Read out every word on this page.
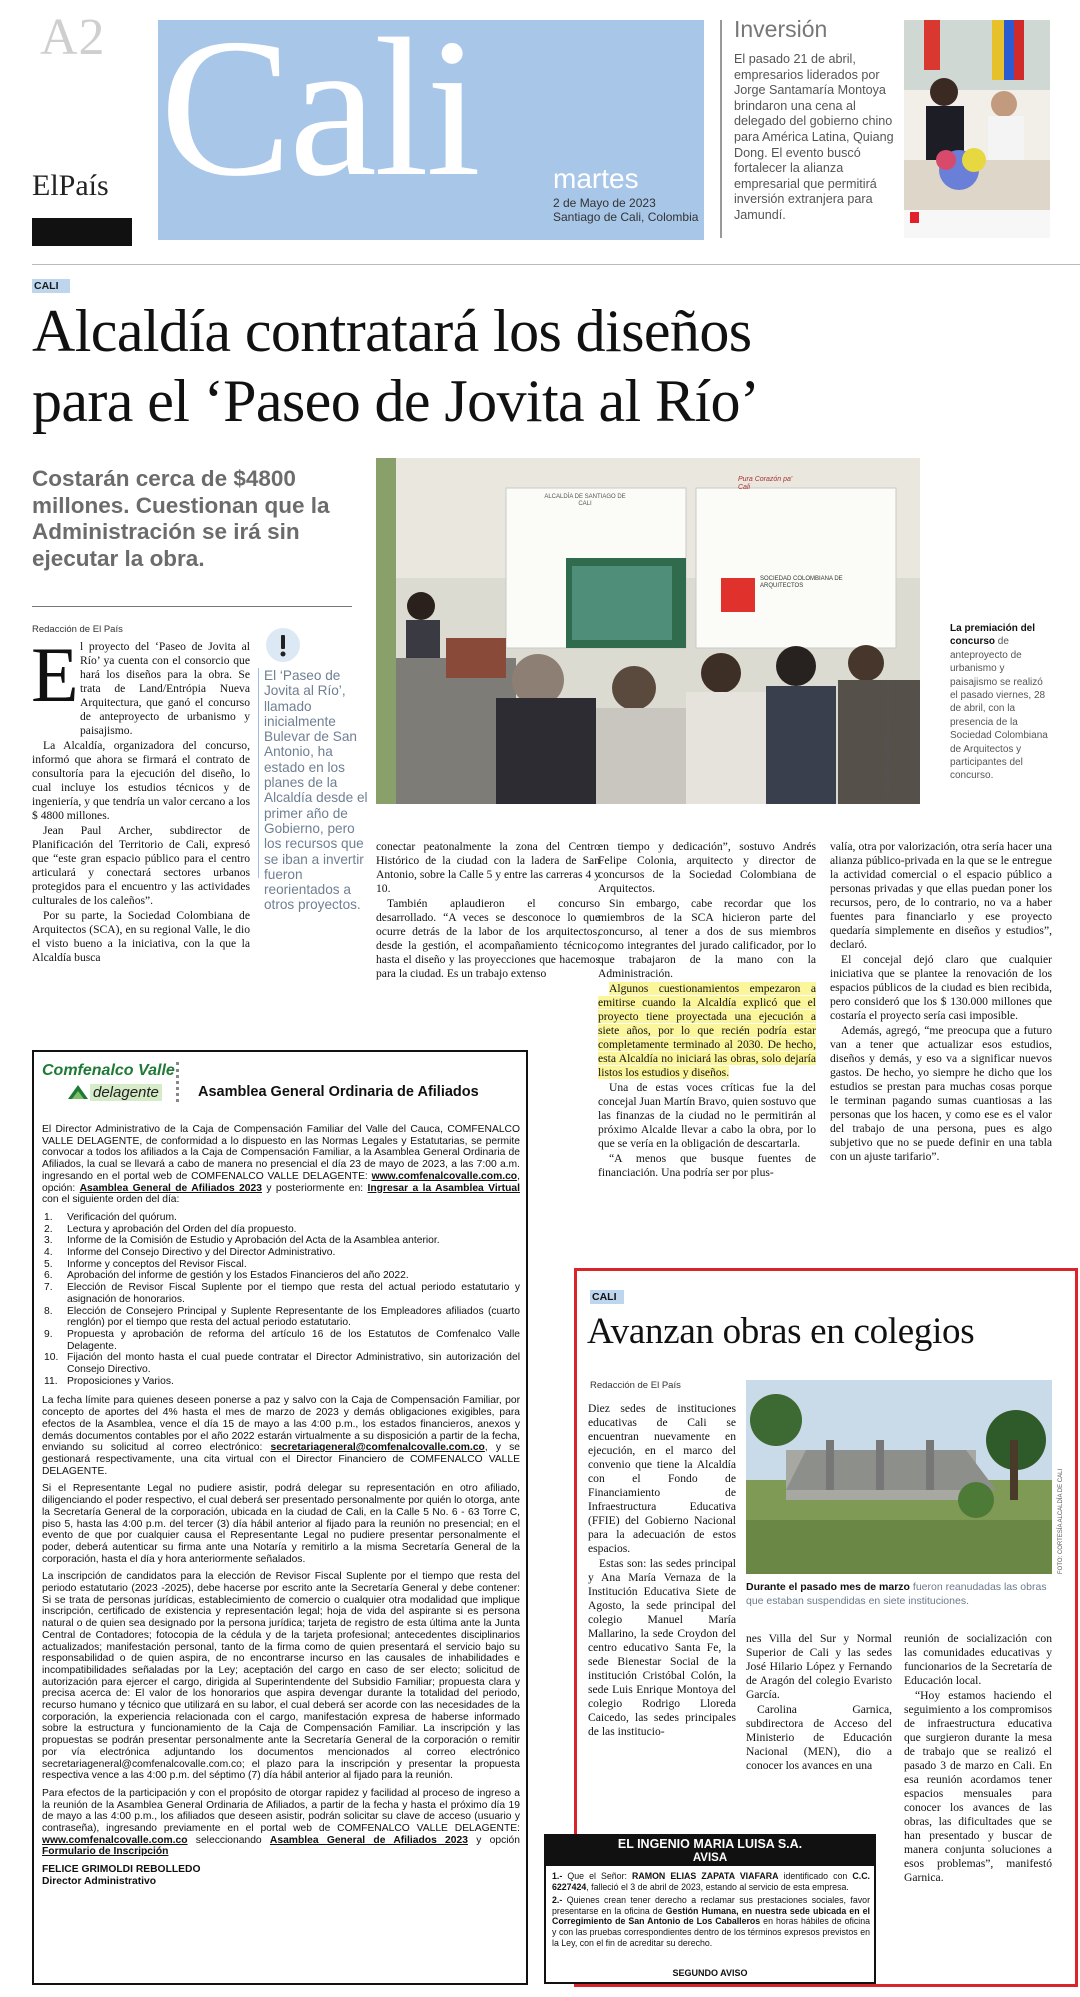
A2
ElPaís Cali	martes
2 de Mayo de 2023
Santiago de Cali, Colombia
Inversión
El pasado 21 de abril, empresarios liderados por Jorge Santamaría Montoya brindaron una cena al delegado del gobierno chino para América Latina, Quiang Dong. El evento buscó fortalecer la alianza empresarial que permitirá inversión extranjera para Jamundí.
CALI
Alcaldía contratará los diseños
para el ‘Paseo de Jovita al Río’
Costarán cerca de $4800 millones. Cuestionan que la Administración se irá sin ejecutar la obra.
Redacción de El País
E l proyecto del ‘Paseo de Jovita al Río’ ya cuenta con el consorcio que hará los diseños para la obra. Se trata de Land/Entrópia Nueva Arquitectura, que ganó el concurso de anteproyecto de urbanismo y paisajismo.

La Alcaldía, organizadora del concurso, informó que ahora se firmará el contrato de consultoría para la ejecución del diseño, lo cual incluye los estudios técnicos y de ingeniería, y que tendría un valor cercano a los $ 4800 millones.

Jean Paul Archer, subdirector de Planificación del Territorio de Cali, expresó que “este gran espacio público para el centro articulará y conectará sectores urbanos protegidos para el encuentro y las actividades culturales de los caleños”.

Por su parte, la Sociedad Colombiana de Arquitectos (SCA), en su regional Valle, le dio el visto bueno a la iniciativa, con la que la Alcaldía busca

El ‘Paseo de Jovita al Río’, llamado inicialmente Bulevar de San Antonio, ha estado en los planes de la Alcaldía desde el primer año de Gobierno, pero los recursos que se iban a invertir fueron reorientados a otros proyectos.
ALCALDÍA DE SANTIAGO DE CALI
Pura Corazón pa' Cali
SOCIEDAD COLOMBIANA DE ARQUITECTOS
FOTO: AYMER ANDRÉS ÁLVAREZ / EL PAÍS
La premiación del concurso de anteproyecto de urbanismo y paisajismo se realizó el pasado viernes, 28 de abril, con la presencia de la Sociedad Colombiana de Arquitectos y participantes del concurso.

conectar peatonalmente la zona del Centro Histórico de la ciudad con la ladera de San Antonio, sobre la Calle 5 y entre las carreras 4 y 10.

También aplaudieron el concurso desarrollado. “A veces se desconoce lo que ocurre detrás de la labor de los arquitectos, desde la gestión, el acompañamiento técnico, hasta el diseño y las proyecciones que hacemos para la ciudad. Es un trabajo extenso

en tiempo y dedicación”, sostuvo Andrés Felipe Colonia, arquitecto y director de concursos de la Sociedad Colombiana de Arquitectos.

Sin embargo, cabe recordar que los miembros de la SCA hicieron parte del concurso, al tener a dos de sus miembros como integrantes del jurado calificador, por lo que trabajaron de la mano con la Administración.

Algunos cuestionamientos empezaron a emitirse cuando la Alcaldía explicó que el proyecto tiene proyectada una ejecución a siete años, por lo que recién podría estar completamente terminado al 2030. De hecho, esta Alcaldía no iniciará las obras, solo dejaría listos los estudios y diseños.

Una de estas voces críticas fue la del concejal Juan Martín Bravo, quien sostuvo que las finanzas de la ciudad no le permitirán al próximo Alcalde llevar a cabo la obra, por lo que se vería en la obligación de descartarla.

“A menos que busque fuentes de financiación. Una podría ser por plus-

valía, otra por valorización, otra sería hacer una alianza público-privada en la que se le entregue la actividad comercial o el espacio público a personas privadas y que ellas puedan poner los recursos, pero, de lo contrario, no va a haber fuentes para financiarlo y ese proyecto quedaría simplemente en diseños y estudios”, declaró.

El concejal dejó claro que cualquier iniciativa que se plantee la renovación de los espacios públicos de la ciudad es bien recibida, pero consideró que los $ 130.000 millones que costaría el proyecto sería casi imposible.

Además, agregó, “me preocupa que a futuro van a tener que actualizar esos estudios, diseños y demás, y eso va a significar nuevos gastos. De hecho, yo siempre he dicho que los estudios se prestan para muchas cosas porque le terminan pagando sumas cuantiosas a las personas que los hacen, y como ese es el valor del trabajo de una persona, pues es algo subjetivo que no se puede definir en una tabla con un ajuste tarifario”.

Comfenalco Valle
delagente	Asamblea General Ordinaria de Afiliados

El Director Administrativo de la Caja de Compensación Familiar del Valle del Cauca, COMFENALCO VALLE DELAGENTE, de conformidad a lo dispuesto en las Normas Legales y Estatutarias, se permite convocar a todos los afiliados a la Caja de Compensación Familiar, a la Asamblea General Ordinaria de Afiliados, la cual se llevará a cabo de manera no presencial el día 23 de mayo de 2023, a las 7:00 a.m. ingresando en el portal web de COMFENALCO VALLE DELAGENTE: www.comfenalcovalle.com.co, opción: Asamblea General de Afiliados 2023 y posteriormente en: Ingresar a la Asamblea Virtual con el siguiente orden del día:

1. Verificación del quórum.
2. Lectura y aprobación del Orden del día propuesto.
3. Informe de la Comisión de Estudio y Aprobación del Acta de la Asamblea anterior.
4. Informe del Consejo Directivo y del Director Administrativo.
5. Informe y conceptos del Revisor Fiscal.
6. Aprobación del informe de gestión y los Estados Financieros del año 2022.
7. Elección de Revisor Fiscal Suplente por el tiempo que resta del actual periodo estatutario y asignación de honorarios.
8. Elección de Consejero Principal y Suplente Representante de los Empleadores afiliados (cuarto renglón) por el tiempo que resta del actual periodo estatutario.
9. Propuesta y aprobación de reforma del artículo 16 de los Estatutos de Comfenalco Valle Delagente.
10. Fijación del monto hasta el cual puede contratar el Director Administrativo, sin autorización del Consejo Directivo.
11. Proposiciones y Varios.

La fecha límite para quienes deseen ponerse a paz y salvo con la Caja de Compensación Familiar, por concepto de aportes del 4% hasta el mes de marzo de 2023 y demás obligaciones exigibles, para efectos de la Asamblea, vence el día 15 de mayo a las 4:00 p.m., los estados financieros, anexos y demás documentos contables por el año 2022 estarán virtualmente a su disposición a partir de la fecha, enviando su solicitud al correo electrónico: secretariageneral@comfenalcovalle.com.co, y se gestionará respectivamente, una cita virtual con el Director Financiero de COMFENALCO VALLE DELAGENTE.

Si el Representante Legal no pudiere asistir, podrá delegar su representación en otro afiliado, diligenciando el poder respectivo, el cual deberá ser presentado personalmente por quién lo otorga, ante la Secretaría General de la corporación, ubicada en la ciudad de Cali, en la Calle 5 No. 6 - 63 Torre C, piso 5, hasta las 4:00 p.m. del tercer (3) día hábil anterior al fijado para la reunión no presencial; en el evento de que por cualquier causa el Representante Legal no pudiere presentar personalmente el poder, deberá autenticar su firma ante una Notaría y remitirlo a la misma Secretaría General de la corporación, hasta el día y hora anteriormente señalados.

La inscripción de candidatos para la elección de Revisor Fiscal Suplente por el tiempo que resta del periodo estatutario (2023 -2025), debe hacerse por escrito ante la Secretaría General y debe contener: Si se trata de personas jurídicas, establecimiento de comercio o cualquier otra modalidad que implique inscripción, certificado de existencia y representación legal; hoja de vida del aspirante si es persona natural o de quien sea designado por la persona jurídica; tarjeta de registro de esta última ante la Junta Central de Contadores; fotocopia de la cédula y de la tarjeta profesional; antecedentes disciplinarios actualizados; manifestación personal, tanto de la firma como de quien presentará el servicio bajo su responsabilidad o de quien aspira, de no encontrarse incurso en las causales de inhabilidades e incompatibilidades señaladas por la Ley; aceptación del cargo en caso de ser electo; solicitud de autorización para ejercer el cargo, dirigida al Superintendente del Subsidio Familiar; propuesta clara y precisa acerca de: El valor de los honorarios que aspira devengar durante la totalidad del periodo, recurso humano y técnico que utilizará en su labor, el cual deberá ser acorde con las necesidades de la corporación, la experiencia relacionada con el cargo, manifestación expresa de haberse informado sobre la estructura y funcionamiento de la Caja de Compensación Familiar. La inscripción y las propuestas se podrán presentar personalmente ante la Secretaría General de la corporación o remitir por vía electrónica adjuntando los documentos mencionados al correo electrónico secretariageneral@comfenalcovalle.com.co; el plazo para la inscripción y presentar la propuesta respectiva vence a las 4:00 p.m. del séptimo (7) día hábil anterior al fijado para la reunión.

Para efectos de la participación y con el propósito de otorgar rapidez y facilidad al proceso de ingreso a la reunión de la Asamblea General Ordinaria de Afiliados, a partir de la fecha y hasta el próximo día 19 de mayo a las 4:00 p.m., los afiliados que deseen asistir, podrán solicitar su clave de acceso (usuario y contraseña), ingresando previamente en el portal web de COMFENALCO VALLE DELAGENTE: www.comfenalcovalle.com.co seleccionando Asamblea General de Afiliados 2023 y opción Formulario de Inscripción

FELICE GRIMOLDI REBOLLEDO
Director Administrativo
CALI
Avanzan obras en colegios
Redacción de El País
FOTO: CORTESÍA ALCALDÍA DE CALI
Durante el pasado mes de marzo fueron reanudadas las obras que estaban suspendidas en siete instituciones.

Diez sedes de instituciones educativas de Cali se encuentran nuevamente en ejecución, en el marco del convenio que tiene la Alcaldía con el Fondo de Financiamiento de Infraestructura Educativa (FFIE) del Gobierno Nacional para la adecuación de estos espacios.

Estas son: las sedes principal y Ana María Vernaza de la Institución Educativa Siete de Agosto, la sede principal del colegio Manuel María Mallarino, la sede Croydon del centro educativo Santa Fe, la sede Bienestar Social de la institución Cristóbal Colón, la sede Luis Enrique Montoya del colegio Rodrigo Lloreda Caicedo, las sedes principales de las institucio-

nes Villa del Sur y Normal Superior de Cali y las sedes José Hilario López y Fernando de Aragón del colegio Evaristo García.

Carolina Garnica, subdirectora de Acceso del Ministerio de Educación Nacional (MEN), dio a conocer los avances en una

reunión de socialización con las comunidades educativas y funcionarios de la Secretaría de Educación local.

“Hoy estamos haciendo el seguimiento a los compromisos de infraestructura educativa que surgieron durante la mesa de trabajo que se realizó el pasado 3 de marzo en Cali. En esa reunión acordamos tener espacios mensuales para conocer los avances de las obras, las dificultades que se han presentado y buscar de manera conjunta soluciones a esos problemas”, manifestó Garnica.

EL INGENIO MARIA LUISA S.A.
AVISA
1.- Que el Señor: RAMON ELIAS ZAPATA VIAFARA identificado con C.C. 6227424, falleció el 3 de abril de 2023, estando al servicio de esta empresa.
2.- Quienes crean tener derecho a reclamar sus prestaciones sociales, favor presentarse en la oficina de Gestión Humana, en nuestra sede ubicada en el Corregimiento de San Antonio de Los Caballeros en horas hábiles de oficina y con las pruebas correspondientes dentro de los términos expresos previstos en la Ley, con el fin de acreditar su derecho.
SEGUNDO AVISO
